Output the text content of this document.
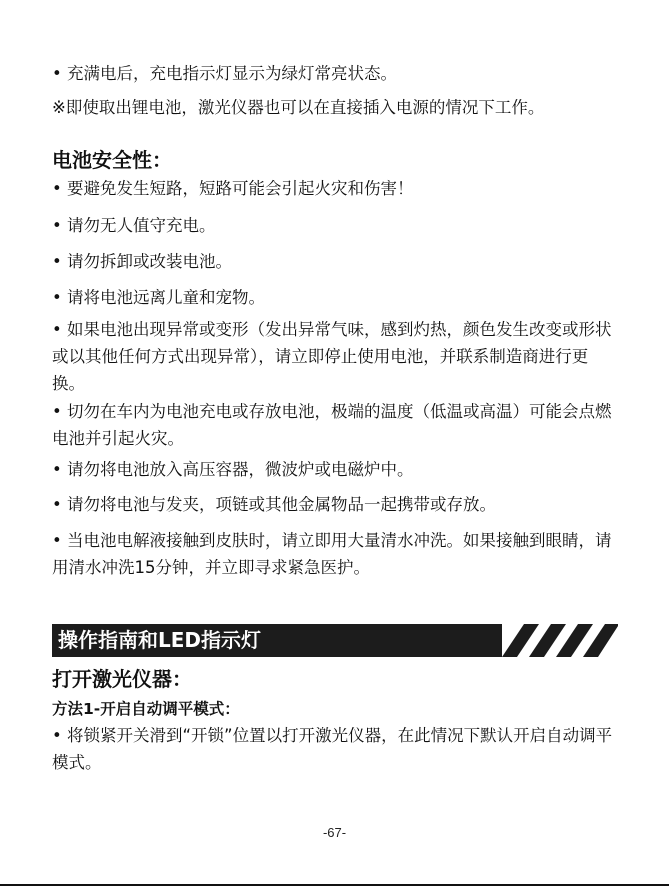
• 充满电后，充电指示灯显示为绿灯常亮状态。

※即使取出锂电池，激光仪器也可以在直接插入电源的情况下工作。

电池安全性：

• 要避免发生短路，短路可能会引起火灾和伤害！

• 请勿无人值守充电。

• 请勿拆卸或改装电池。

• 请将电池远离儿童和宠物。

• 如果电池出现异常或变形（发出异常气味，感到灼热，颜色发生改变或形状或以其他任何方式出现异常），请立即停止使用电池，并联系制造商进行更换。

• 切勿在车内为电池充电或存放电池，极端的温度（低温或高温）可能会点燃电池并引起火灾。

• 请勿将电池放入高压容器，微波炉或电磁炉中。

• 请勿将电池与发夹，项链或其他金属物品一起携带或存放。

• 当电池电解液接触到皮肤时，请立即用大量清水冲洗。如果接触到眼睛，请用清水冲洗15分钟，并立即寻求紧急医护。

操作指南和LED指示灯
打开激光仪器：
方法1-开启自动调平模式：

• 将锁紧开关滑到“开锁”位置以打开激光仪器，在此情况下默认开启自动调平模式。

-67-
